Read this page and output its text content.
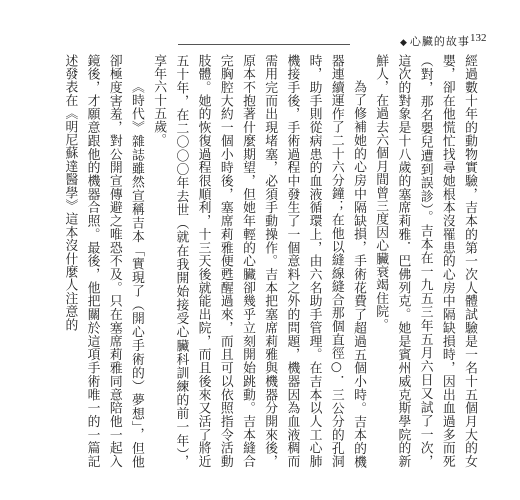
◆ 心臟的故事 132

經過數十年的動物實驗，吉本的第一次人體試驗是一名十五個月大的女嬰，卻在他慌忙找尋她根本沒罹患的心房中隔缺損時，因出血過多而死（對，那名嬰兒遭到誤診）。吉本在一九五三年五月六日又試了一次，這次的對象是十八歲的塞席莉雅．巴佛列克。她是賓州威克斯學院的新鮮人，在過去六個月間曾三度因心臟衰竭住院。

為了修補她的心房中隔缺損，手術花費了超過五個小時。吉本的機器連續運作了二十六分鐘；在他以縫線縫合那個直徑○．三公分的孔洞時，助手則從病患的血液循環上，由六名助手管理。在吉本以人工心肺機接手後，手術過程中發生了一個意料之外的問題，機器因為血液稠而需用完而出現堵塞，必須手動操作。吉本把塞席莉雅與機器分開來後，原本不抱著什麼期望，但她年輕的心臟卻幾乎立刻開始跳動。吉本縫合完胸腔大約一個小時後，塞席莉雅便甦醒過來，而且可以依照指令活動肢體。她的恢復過程很順利，十三天後就能出院，而且後來又活了將近五十年，在二〇〇〇年去世（就在我開始接受心臟科訓練的前一年），享年六十五歲。

《時代》雜誌雖然宣稱吉本「實現了（開心手術的）夢想」，但他卻極度害羞，對公開宣傳避之唯恐不及。只在塞席莉雅同意陪他一起入鏡後，才願意跟他的機器合照。最後，他把關於這項手術唯一的一篇記述發表在《明尼蘇達醫學》這本沒什麼人注意的
